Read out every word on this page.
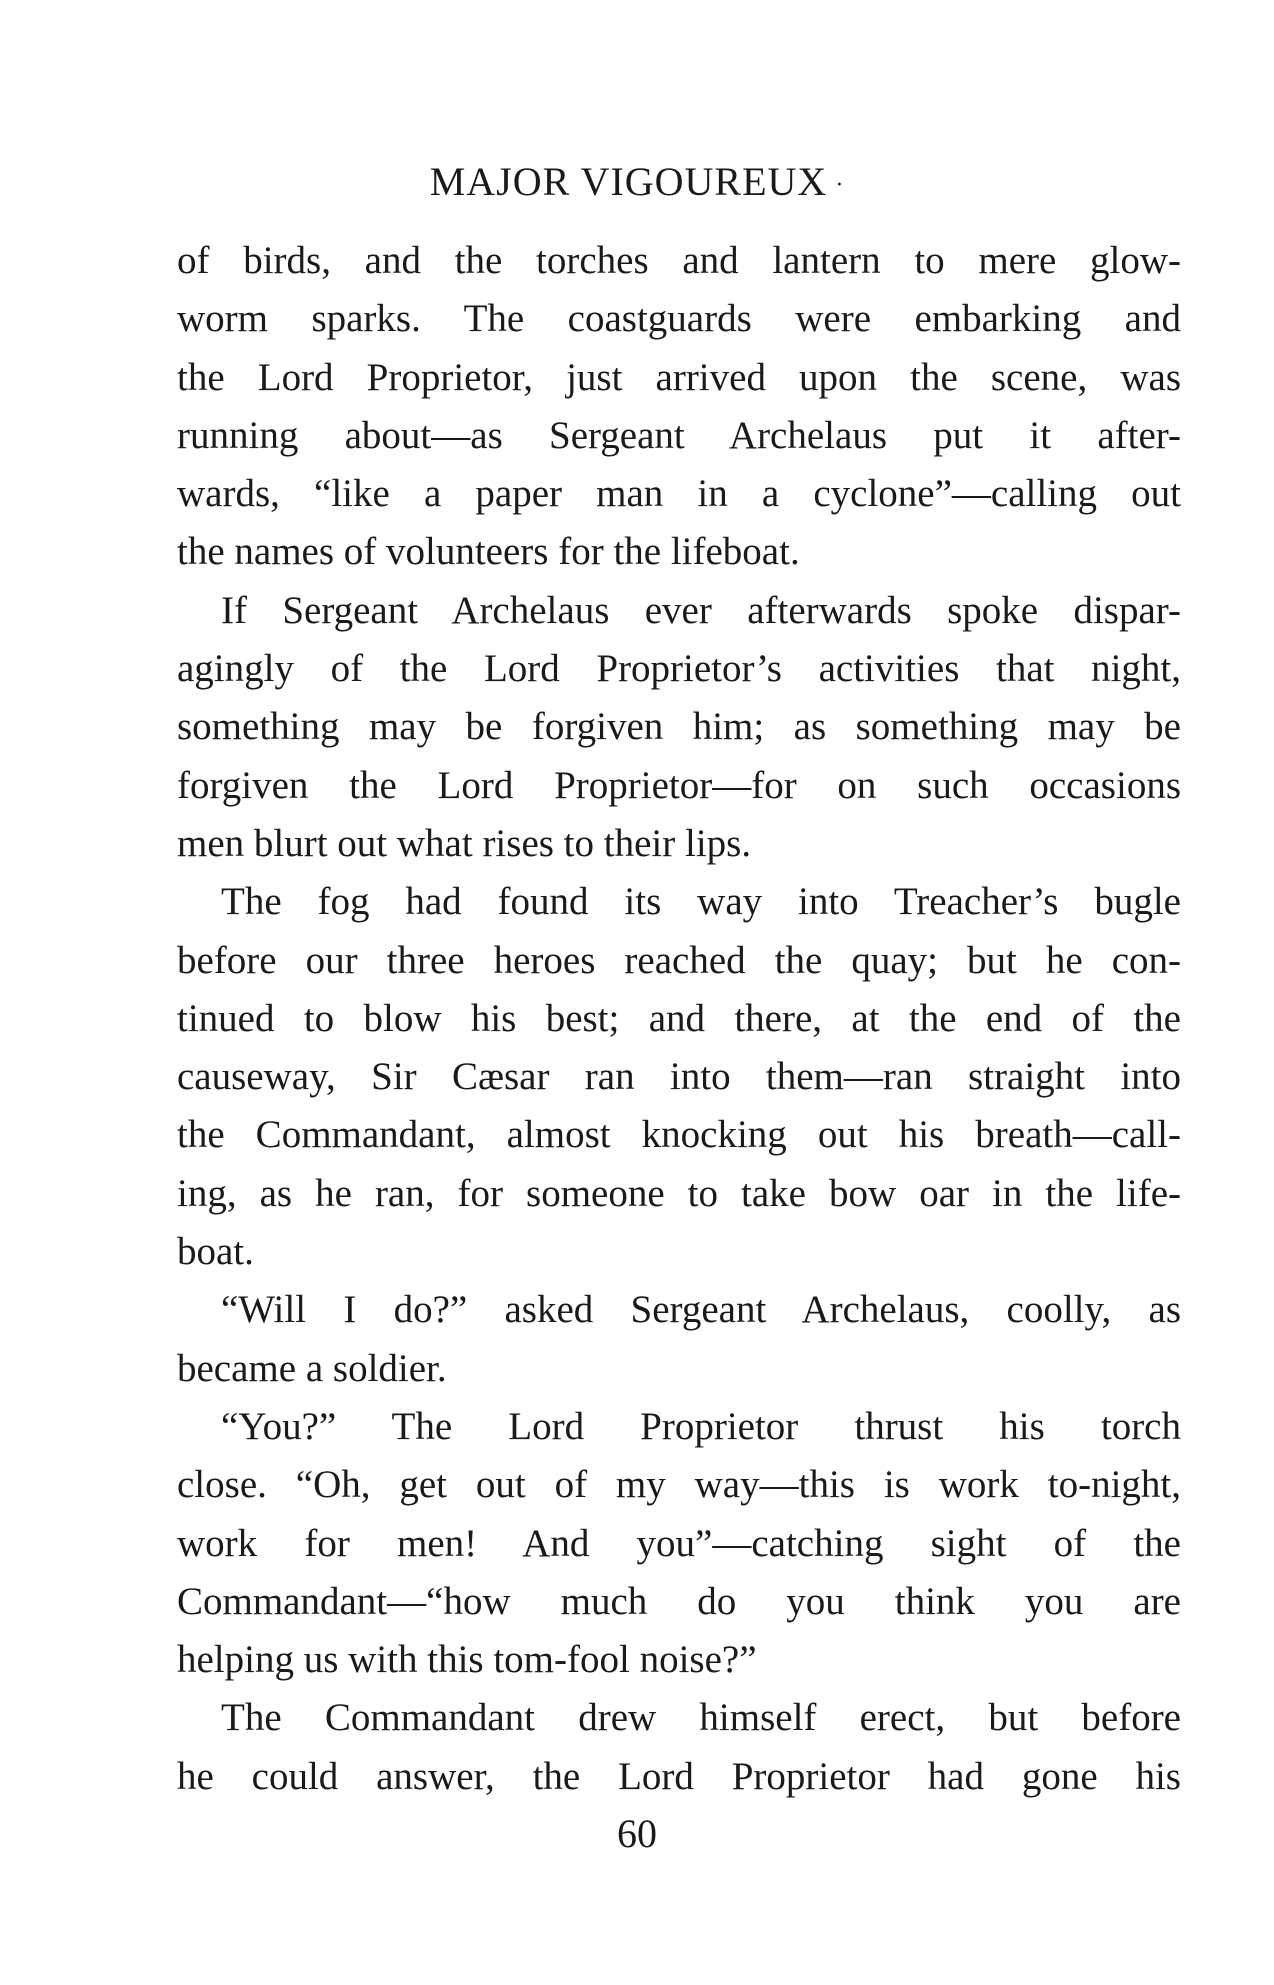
MAJOR VIGOUREUX ·
of birds, and the torches and lantern to mere glow-
worm sparks. The coastguards were embarking and
the Lord Proprietor, just arrived upon the scene, was
running about—as Sergeant Archelaus put it after-
wards, “like a paper man in a cyclone”—calling out
the names of volunteers for the lifeboat.
If Sergeant Archelaus ever afterwards spoke dispar-
agingly of the Lord Proprietor’s activities that night,
something may be forgiven him; as something may be
forgiven the Lord Proprietor—for on such occasions
men blurt out what rises to their lips.
The fog had found its way into Treacher’s bugle
before our three heroes reached the quay; but he con-
tinued to blow his best; and there, at the end of the
causeway, Sir Cæsar ran into them—ran straight into
the Commandant, almost knocking out his breath—call-
ing, as he ran, for someone to take bow oar in the life-
boat.
“Will I do?” asked Sergeant Archelaus, coolly, as
became a soldier.
“You?” The Lord Proprietor thrust his torch
close. “Oh, get out of my way—this is work to-night,
work for men! And you”—catching sight of the
Commandant—“how much do you think you are
helping us with this tom-fool noise?”
The Commandant drew himself erect, but before
he could answer, the Lord Proprietor had gone his
60
